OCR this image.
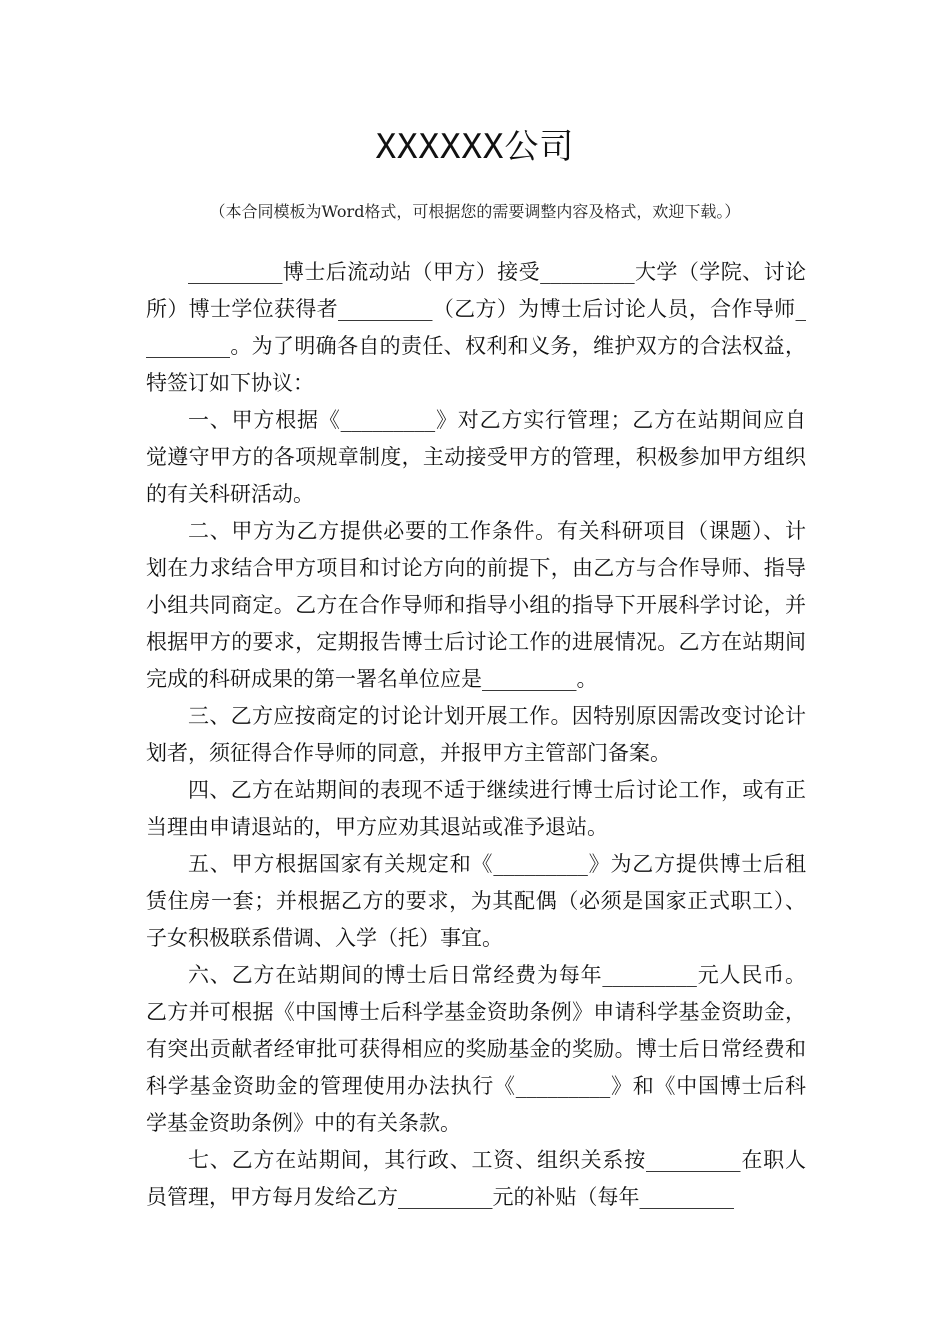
XXXXXX公司
（本合同模板为Word格式，可根据您的需要调整内容及格式，欢迎下载。）

_________博士后流动站（甲方）接受_________大学（学院、讨论所）博士学位获得者_________（乙方）为博士后讨论人员，合作导师_________。为了明确各自的责任、权利和义务，维护双方的合法权益，特签订如下协议：

一、甲方根据《_________》对乙方实行管理；乙方在站期间应自觉遵守甲方的各项规章制度，主动接受甲方的管理，积极参加甲方组织的有关科研活动。

二、甲方为乙方提供必要的工作条件。有关科研项目（课题）、计划在力求结合甲方项目和讨论方向的前提下，由乙方与合作导师、指导小组共同商定。乙方在合作导师和指导小组的指导下开展科学讨论，并根据甲方的要求，定期报告博士后讨论工作的进展情况。乙方在站期间完成的科研成果的第一署名单位应是_________。

三、乙方应按商定的讨论计划开展工作。因特别原因需改变讨论计划者，须征得合作导师的同意，并报甲方主管部门备案。

四、乙方在站期间的表现不适于继续进行博士后讨论工作，或有正当理由申请退站的，甲方应劝其退站或准予退站。

五、甲方根据国家有关规定和《_________》为乙方提供博士后租赁住房一套；并根据乙方的要求，为其配偶（必须是国家正式职工）、子女积极联系借调、入学（托）事宜。

六、乙方在站期间的博士后日常经费为每年_________元人民币。乙方并可根据《中国博士后科学基金资助条例》申请科学基金资助金，有突出贡献者经审批可获得相应的奖励基金的奖励。博士后日常经费和科学基金资助金的管理使用办法执行《_________》和《中国博士后科学基金资助条例》中的有关条款。

七、乙方在站期间，其行政、工资、组织关系按_________在职人员管理，甲方每月发给乙方_________元的补贴（每年_________
